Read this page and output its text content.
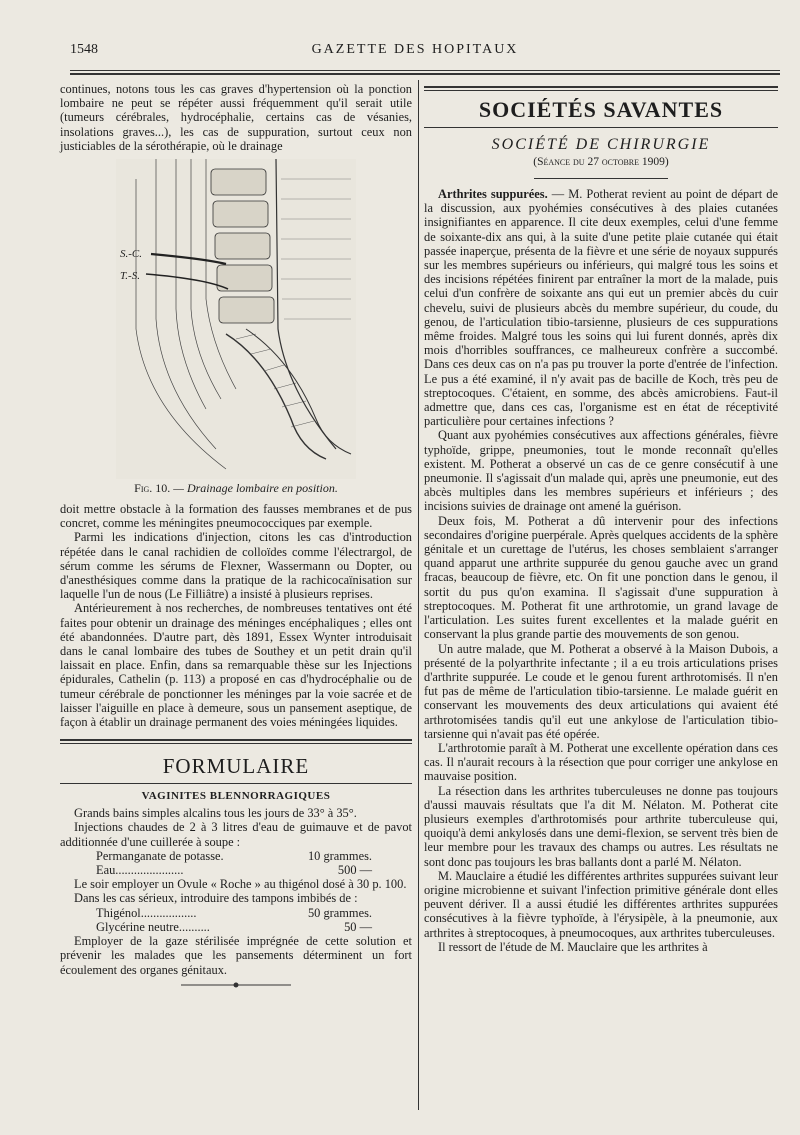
1548	GAZETTE DES HOPITAUX

continues, notons tous les cas graves d'hypertension où la ponction lombaire ne peut se répéter aussi fréquemment qu'il serait utile (tumeurs cérébrales, hydrocéphalie, certains cas de vésanies, insolations graves...), les cas de suppuration, surtout ceux non justiciables de la sérothérapie, où le drainage

S.-C.
T.-S.
Fig. 10. — Drainage lombaire en position.

doit mettre obstacle à la formation des fausses membranes et de pus concret, comme les méningites pneumococciques par exemple.

Parmi les indications d'injection, citons les cas d'introduction répétée dans le canal rachidien de colloïdes comme l'électrargol, de sérum comme les sérums de Flexner, Wassermann ou Dopter, ou d'anesthésiques comme dans la pratique de la rachicocaïnisation sur laquelle l'un de nous (Le Filliâtre) a insisté à plusieurs reprises.

Antérieurement à nos recherches, de nombreuses tentatives ont été faites pour obtenir un drainage des méninges encéphaliques ; elles ont été abandonnées. D'autre part, dès 1891, Essex Wynter introduisait dans le canal lombaire des tubes de Southey et un petit drain qu'il laissait en place. Enfin, dans sa remarquable thèse sur les Injections épidurales, Cathelin (p. 113) a proposé en cas d'hydrocéphalie ou de tumeur cérébrale de ponctionner les méninges par la voie sacrée et de laisser l'aiguille en place à demeure, sous un pansement aseptique, de façon à établir un drainage permanent des voies méningées liquides.

FORMULAIRE
VAGINITES BLENNORRAGIQUES

Grands bains simples alcalins tous les jours de 33° à 35°.

Injections chaudes de 2 à 3 litres d'eau de guimauve et de pavot additionnée d'une cuillerée à soupe :

Permanganate de potasse.	10 grammes.
Eau......................	500 —

Le soir employer un Ovule « Roche » au thigénol dosé à 30 p. 100.

Dans les cas sérieux, introduire des tampons imbibés de :

Thigénol..................	50 grammes.
Glycérine neutre..........	50 —

Employer de la gaze stérilisée imprégnée de cette solution et prévenir les malades que les pansements déterminent un fort écoulement des organes génitaux.

SOCIÉTÉS SAVANTES
SOCIÉTÉ DE CHIRURGIE
(Séance du 27 octobre 1909)

Arthrites suppurées. — M. Potherat revient au point de départ de la discussion, aux pyohémies consécutives à des plaies cutanées insignifiantes en apparence. Il cite deux exemples, celui d'une femme de soixante-dix ans qui, à la suite d'une petite plaie cutanée qui était passée inaperçue, présenta de la fièvre et une série de noyaux suppurés sur les membres supérieurs ou inférieurs, qui malgré tous les soins et des incisions répétées finirent par entraîner la mort de la malade, puis celui d'un confrère de soixante ans qui eut un premier abcès du cuir chevelu, suivi de plusieurs abcès du membre supérieur, du coude, du genou, de l'articulation tibio-tarsienne, plusieurs de ces suppurations même froides. Malgré tous les soins qui lui furent donnés, après dix mois d'horribles souffrances, ce malheureux confrère a succombé. Dans ces deux cas on n'a pas pu trouver la porte d'entrée de l'infection. Le pus a été examiné, il n'y avait pas de bacille de Koch, très peu de streptocoques. C'étaient, en somme, des abcès amicrobiens. Faut-il admettre que, dans ces cas, l'organisme est en état de réceptivité particulière pour certaines infections ?

Quant aux pyohémies consécutives aux affections générales, fièvre typhoïde, grippe, pneumonies, tout le monde reconnaît qu'elles existent. M. Potherat a observé un cas de ce genre consécutif à une pneumonie. Il s'agissait d'un malade qui, après une pneumonie, eut des abcès multiples dans les membres supérieurs et inférieurs ; des incisions suivies de drainage ont amené la guérison.

Deux fois, M. Potherat a dû intervenir pour des infections secondaires d'origine puerpérale. Après quelques accidents de la sphère génitale et un curettage de l'utérus, les choses semblaient s'arranger quand apparut une arthrite suppurée du genou gauche avec un grand fracas, beaucoup de fièvre, etc. On fit une ponction dans le genou, il sortit du pus qu'on examina. Il s'agissait d'une suppuration à streptocoques. M. Potherat fit une arthrotomie, un grand lavage de l'articulation. Les suites furent excellentes et la malade guérit en conservant la plus grande partie des mouvements de son genou.

Un autre malade, que M. Potherat a observé à la Maison Dubois, a présenté de la polyarthrite infectante ; il a eu trois articulations prises d'arthrite suppurée. Le coude et le genou furent arthrotomisés. Il n'en fut pas de même de l'articulation tibio-tarsienne. Le malade guérit en conservant les mouvements des deux articulations qui avaient été arthrotomisées tandis qu'il eut une ankylose de l'articulation tibio-tarsienne qui n'avait pas été opérée.

L'arthrotomie paraît à M. Potherat une excellente opération dans ces cas. Il n'aurait recours à la résection que pour corriger une ankylose en mauvaise position.

La résection dans les arthrites tuberculeuses ne donne pas toujours d'aussi mauvais résultats que l'a dit M. Nélaton. M. Potherat cite plusieurs exemples d'arthrotomisés pour arthrite tuberculeuse qui, quoiqu'à demi ankylosés dans une demi-flexion, se servent très bien de leur membre pour les travaux des champs ou autres. Les résultats ne sont donc pas toujours les bras ballants dont a parlé M. Nélaton.

M. Mauclaire a étudié les différentes arthrites suppurées suivant leur origine microbienne et suivant l'infection primitive générale dont elles peuvent dériver. Il a aussi étudié les différentes arthrites suppurées consécutives à la fièvre typhoïde, à l'érysipèle, à la pneumonie, aux arthrites à streptocoques, à pneumocoques, aux arthrites tuberculeuses.

Il ressort de l'étude de M. Mauclaire que les arthrites à
